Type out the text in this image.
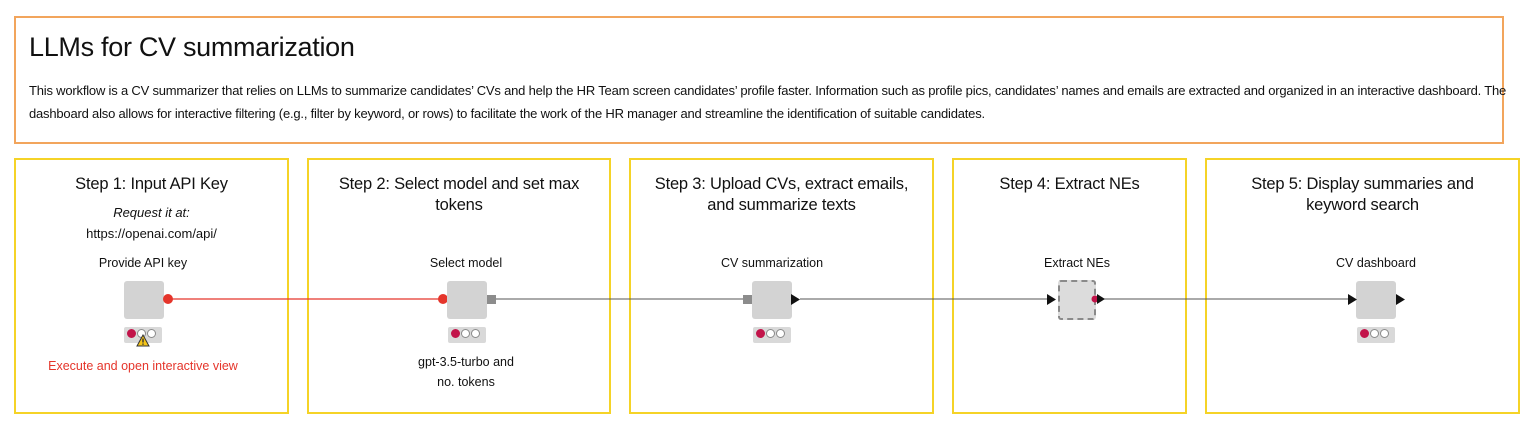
LLMs for CV summarization

This workflow is a CV summarizer that relies on LLMs to summarize candidates’ CVs and help the HR Team screen candidates’ profile faster. Information such as profile pics, candidates’ names and emails are extracted and organized in an interactive dashboard. The dashboard also allows for interactive filtering (e.g., filter by keyword, or rows) to facilitate the work of the HR manager and streamline the identification of suitable candidates.

Step 1: Input API Key
Request it at:
https://openai.com/api/
Step 2: Select model and set max tokens
Step 3: Upload CVs, extract emails, and summarize texts
Step 4: Extract NEs	Step 5: Display summaries and keyword search
Provide API key
Execute and open interactive view
Select model
gpt-3.5-turbo and no. tokens
CV summarization	Extract NEs	CV dashboard
